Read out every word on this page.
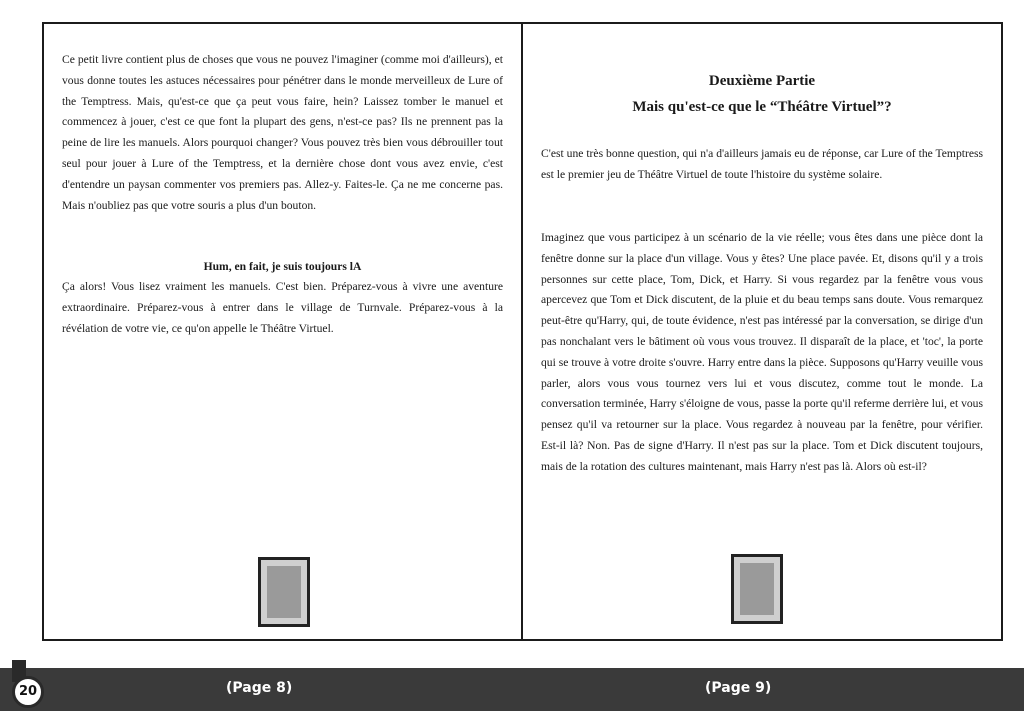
Ce petit livre contient plus de choses que vous ne pouvez l'imaginer (comme moi d'ailleurs), et vous donne toutes les astuces nécessaires pour pénétrer dans le monde merveilleux de Lure of the Temptress. Mais, qu'est-ce que ça peut vous faire, hein? Laissez tomber le manuel et commencez à jouer, c'est ce que font la plupart des gens, n'est-ce pas? Ils ne prennent pas la peine de lire les manuels. Alors pourquoi changer? Vous pouvez très bien vous débrouiller tout seul pour jouer à Lure of the Temptress, et la dernière chose dont vous avez envie, c'est d'entendre un paysan commenter vos premiers pas. Allez-y. Faites-le. Ça ne me concerne pas. Mais n'oubliez pas que votre souris a plus d'un bouton.
Hum, en fait, je suis toujours lA
Ça alors! Vous lisez vraiment les manuels. C'est bien. Préparez-vous à vivre une aventure extraordinaire. Préparez-vous à entrer dans le village de Turnvale. Préparez-vous à la révélation de votre vie, ce qu'on appelle le Théâtre Virtuel.
Deuxième Partie
Mais qu'est-ce que le “Théâtre Virtuel”?
C'est une très bonne question, qui n'a d'ailleurs jamais eu de réponse, car Lure of the Temptress est le premier jeu de Théâtre Virtuel de toute l'histoire du système solaire.
Imaginez que vous participez à un scénario de la vie réelle; vous êtes dans une pièce dont la fenêtre donne sur la place d'un village. Vous y êtes? Une place pavée. Et, disons qu'il y a trois personnes sur cette place, Tom, Dick, et Harry. Si vous regardez par la fenêtre vous vous apercevez que Tom et Dick discutent, de la pluie et du beau temps sans doute. Vous remarquez peut-être qu'Harry, qui, de toute évidence, n'est pas intéressé par la conversation, se dirige d'un pas nonchalant vers le bâtiment où vous vous trouvez. Il disparaît de la place, et 'toc', la porte qui se trouve à votre droite s'ouvre. Harry entre dans la pièce. Supposons qu'Harry veuille vous parler, alors vous vous tournez vers lui et vous discutez, comme tout le monde. La conversation terminée, Harry s'éloigne de vous, passe la porte qu'il referme derrière lui, et vous pensez qu'il va retourner sur la place. Vous regardez à nouveau par la fenêtre, pour vérifier. Est-il là? Non. Pas de signe d'Harry. Il n'est pas sur la place. Tom et Dick discutent toujours, mais de la rotation des cultures maintenant, mais Harry n'est pas là. Alors où est-il?
(Page 8)	(Page 9)
20
